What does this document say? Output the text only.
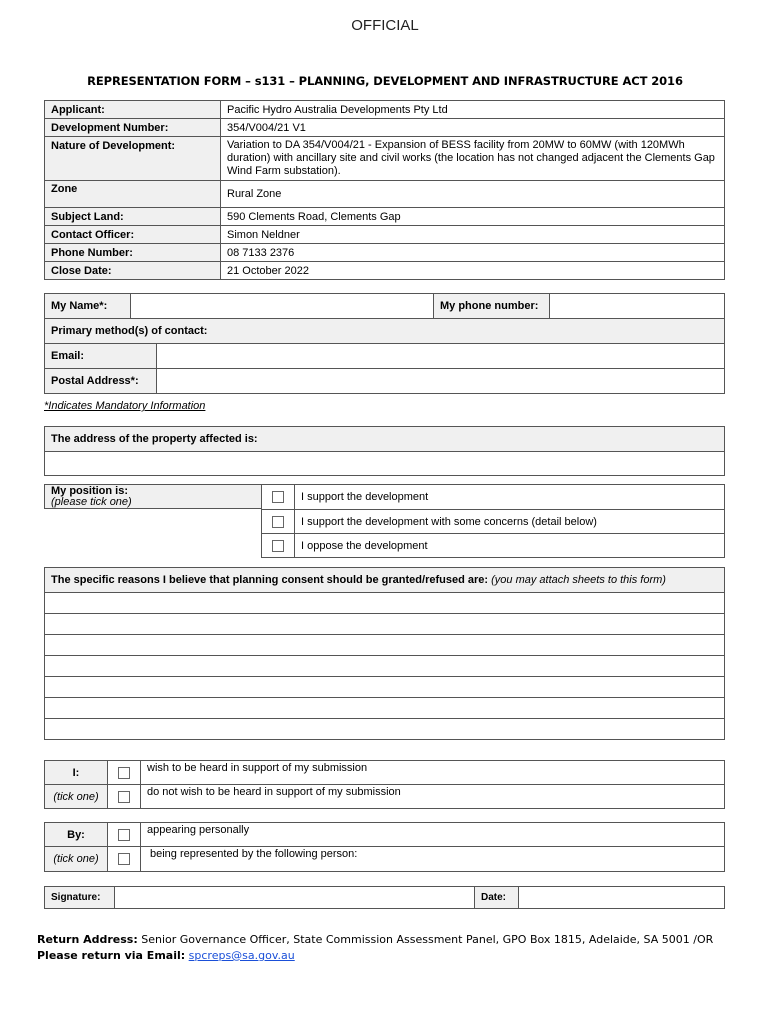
OFFICIAL
REPRESENTATION FORM – s131 – PLANNING, DEVELOPMENT AND INFRASTRUCTURE ACT 2016
Applicant:	Pacific Hydro Australia Developments Pty Ltd
Development Number:	354/V004/21 V1
Nature of Development:	Variation to DA 354/V004/21 - Expansion of BESS facility from 20MW to 60MW (with 120MWh duration) with ancillary site and civil works (the location has not changed adjacent the Clements Gap Wind Farm substation).
Zone	Rural Zone
Subject Land:	590 Clements Road, Clements Gap
Contact Officer:	Simon Neldner
Phone Number:	08 7133 2376
Close Date:	21 October 2022
My Name*:		My phone number:	
Primary method(s) of contact:	
Email:	
Postal Address*:	
*Indicates Mandatory Information
The address of the property affected is:

My position is:
(please tick one)
		I support the development
	I support the development with some concerns (detail below)
	I oppose the development
The specific reasons I believe that planning consent should be granted/refused are: (you may attach sheets to this form)

I:		wish to be heard in support of my submission
(tick one)		do not wish to be heard in support of my submission
By:		appearing personally
(tick one)		being represented by the following person:
Signature:		Date:	
Return Address: Senior Governance Officer, State Commission Assessment Panel, GPO Box 1815, Adelaide, SA 5001 /OR
Please return via Email: spcreps@sa.gov.au
